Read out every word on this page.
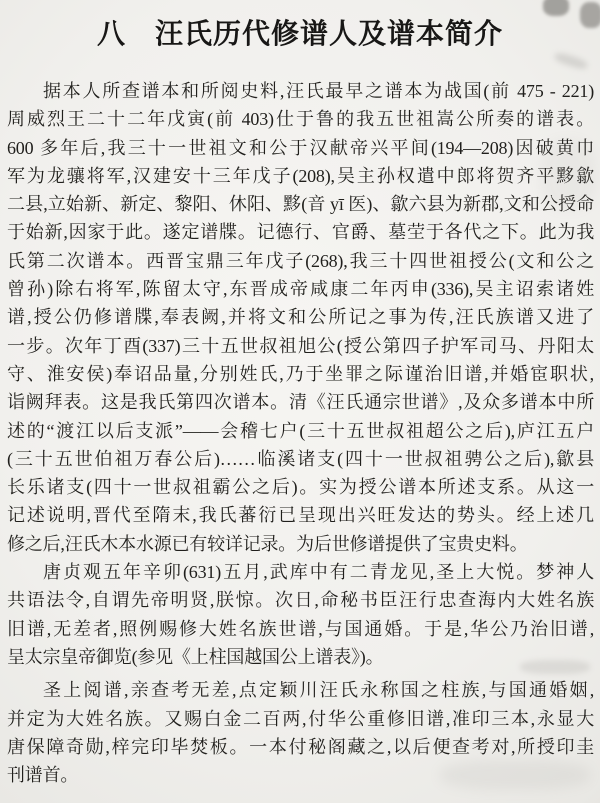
八　汪氏历代修谱人及谱本简介
据本人所查谱本和所阅史料,汪氏最早之谱本为战国(前 475 - 221)
周威烈王二十二年戊寅(前 403)仕于鲁的我五世祖嵩公所奏的谱表。
600 多年后,我三十一世祖文和公于汉献帝兴平间(194—208)因破黄巾
军为龙骧将军,汉建安十三年戊子(208),吴主孙权遣中郎将贺齐平黟歙
二县,立始新、新定、黎阳、休阳、黟(音 yī 医)、歙六县为新郡,文和公授命
于始新,因家于此。遂定谱牒。记德行、官爵、墓茔于各代之下。此为我
氏第二次谱本。西晋宝鼎三年戊子(268),我三十四世祖授公(文和公之
曾孙)除右将军,陈留太守,东晋成帝咸康二年丙申(336),吴主诏索诸姓
谱,授公仍修谱牒,奉表阙,并将文和公所记之事为传,汪氏族谱又进了
一步。次年丁酉(337)三十五世叔祖旭公(授公第四子护军司马、丹阳太
守、淮安侯)奉诏品量,分别姓氏,乃于坐罪之际谨治旧谱,并婚宦职状,
诣阙拜表。这是我氏第四次谱本。清《汪氏通宗世谱》,及众多谱本中所
述的“渡江以后支派”——会稽七户(三十五世叔祖超公之后),庐江五户
(三十五世伯祖万春公后)……临溪诸支(四十一世叔祖骋公之后),歙县
长乐诸支(四十一世叔祖霸公之后)。实为授公谱本所述支系。从这一
记述说明,晋代至隋末,我氏蕃衍已呈现出兴旺发达的势头。经上述几
修之后,汪氏木本水源已有较详记录。为后世修谱提供了宝贵史料。
唐贞观五年辛卯(631)五月,武库中有二青龙见,圣上大悦。梦神人
共语法令,自谓先帝明贤,朕惊。次日,命秘书臣汪行忠查海内大姓名族
旧谱,无差者,照例赐修大姓名族世谱,与国通婚。于是,华公乃治旧谱,
呈太宗皇帝御览(参见《上柱国越国公上谱表》)。
圣上阅谱,亲查考无差,点定颖川汪氏永称国之柱族,与国通婚姻,
并定为大姓名族。又赐白金二百两,付华公重修旧谱,准印三本,永显大
唐保障奇勋,梓完印毕焚板。一本付秘阁藏之,以后便查考对,所授印圭
刊谱首。
